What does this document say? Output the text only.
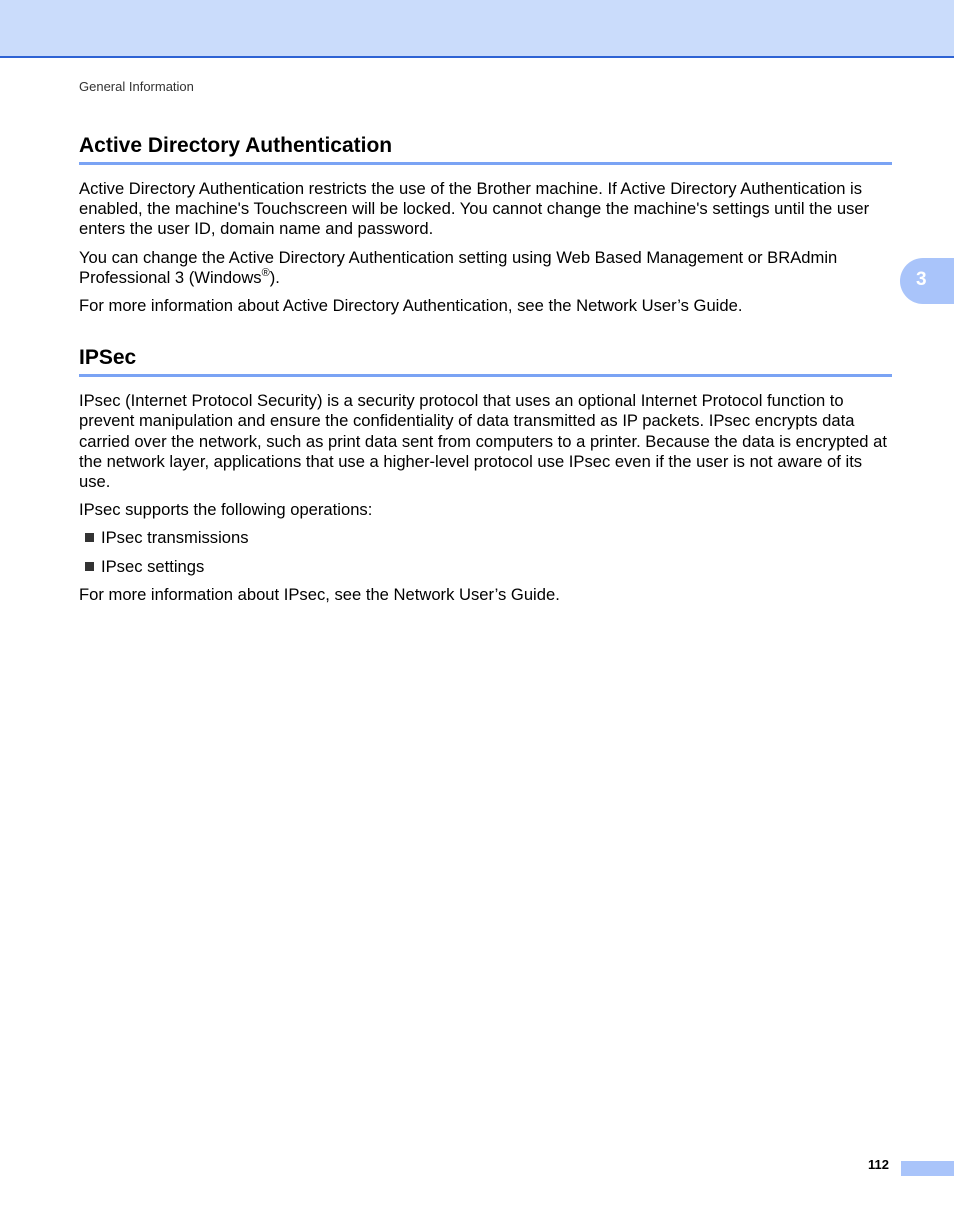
General Information
3
Active Directory Authentication

Active Directory Authentication restricts the use of the Brother machine. If Active Directory Authentication is enabled, the machine's Touchscreen will be locked. You cannot change the machine's settings until the user enters the user ID, domain name and password.

You can change the Active Directory Authentication setting using Web Based Management or BRAdmin Professional 3 (Windows®).

For more information about Active Directory Authentication, see the Network User’s Guide.

IPSec

IPsec (Internet Protocol Security) is a security protocol that uses an optional Internet Protocol function to prevent manipulation and ensure the confidentiality of data transmitted as IP packets. IPsec encrypts data carried over the network, such as print data sent from computers to a printer. Because the data is encrypted at the network layer, applications that use a higher-level protocol use IPsec even if the user is not aware of its use.

IPsec supports the following operations:

IPsec transmissions
IPsec settings

For more information about IPsec, see the Network User’s Guide.

112
